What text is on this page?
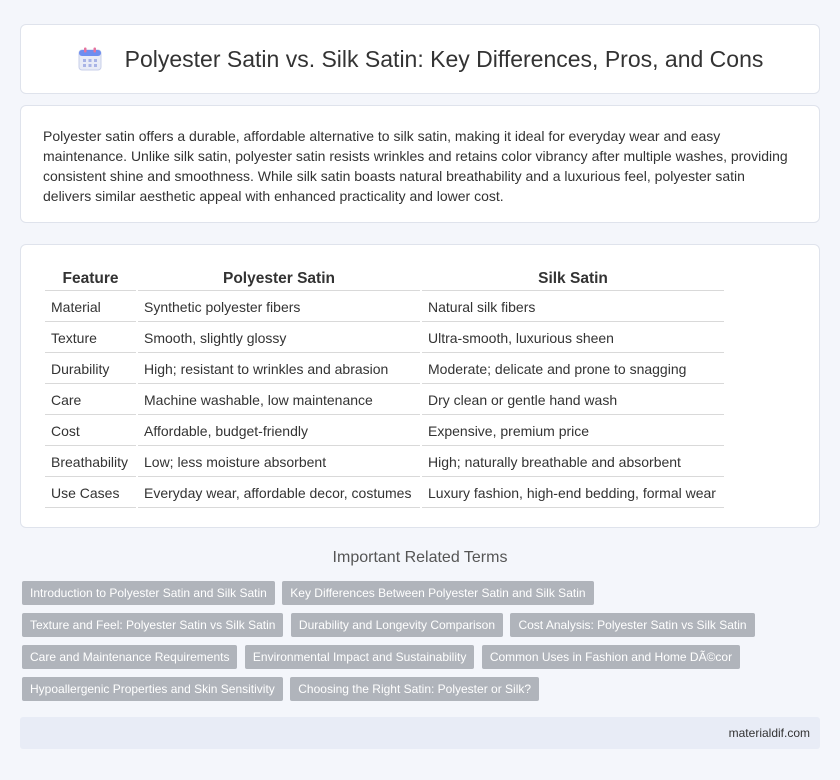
Polyester Satin vs. Silk Satin: Key Differences, Pros, and Cons

Polyester satin offers a durable, affordable alternative to silk satin, making it ideal for everyday wear and easy maintenance. Unlike silk satin, polyester satin resists wrinkles and retains color vibrancy after multiple washes, providing consistent shine and smoothness. While silk satin boasts natural breathability and a luxurious feel, polyester satin delivers similar aesthetic appeal with enhanced practicality and lower cost.

Feature	Polyester Satin	Silk Satin
Material	Synthetic polyester fibers	Natural silk fibers
Texture	Smooth, slightly glossy	Ultra-smooth, luxurious sheen
Durability	High; resistant to wrinkles and abrasion	Moderate; delicate and prone to snagging
Care	Machine washable, low maintenance	Dry clean or gentle hand wash
Cost	Affordable, budget-friendly	Expensive, premium price
Breathability	Low; less moisture absorbent	High; naturally breathable and absorbent
Use Cases	Everyday wear, affordable decor, costumes	Luxury fashion, high-end bedding, formal wear
Important Related Terms
Introduction to Polyester Satin and Silk Satin Key Differences Between Polyester Satin and Silk Satin Texture and Feel: Polyester Satin vs Silk Satin Durability and Longevity Comparison Cost Analysis: Polyester Satin vs Silk Satin Care and Maintenance Requirements Environmental Impact and Sustainability Common Uses in Fashion and Home DÃ©cor Hypoallergenic Properties and Skin Sensitivity Choosing the Right Satin: Polyester or Silk?
materialdif.com
